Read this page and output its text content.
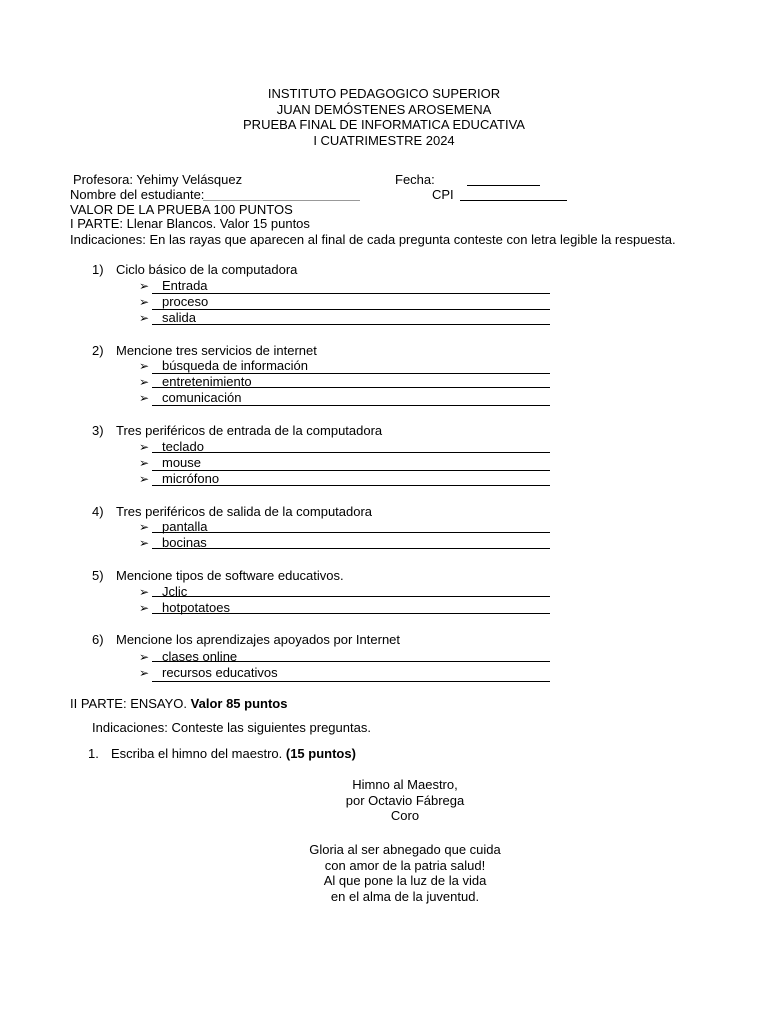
INSTITUTO PEDAGOGICO SUPERIOR
JUAN DEMÓSTENES AROSEMENA
PRUEBA FINAL DE INFORMATICA EDUCATIVA
I CUATRIMESTRE 2024
Profesora: Yehimy Velásquez	Fecha:
Nombre del estudiante:	CPI
VALOR DE LA PRUEBA 100 PUNTOS
I PARTE: Llenar Blancos. Valor 15 puntos
Indicaciones: En las rayas que aparecen al final de cada pregunta conteste con letra legible la respuesta.
1) Ciclo básico de la computadora
➢ Entrada
➢ proceso
➢ salida
2) Mencione tres servicios de internet
➢ búsqueda de información
➢ entretenimiento
➢ comunicación
3) Tres periféricos de entrada de la computadora
➢ teclado
➢ mouse
➢ micrófono
4) Tres periféricos de salida de la computadora
➢ pantalla
➢ bocinas
5) Mencione tipos de software educativos.
➢ Jclic
➢ hotpotatoes
6) Mencione los aprendizajes apoyados por Internet
➢ clases online
➢ recursos educativos
II PARTE: ENSAYO. Valor 85 puntos
Indicaciones: Conteste las siguientes preguntas.
1. Escriba el himno del maestro. (15 puntos)
Himno al Maestro,
por Octavio Fábrega
Coro
Gloria al ser abnegado que cuida
con amor de la patria salud!
Al que pone la luz de la vida
en el alma de la juventud.
